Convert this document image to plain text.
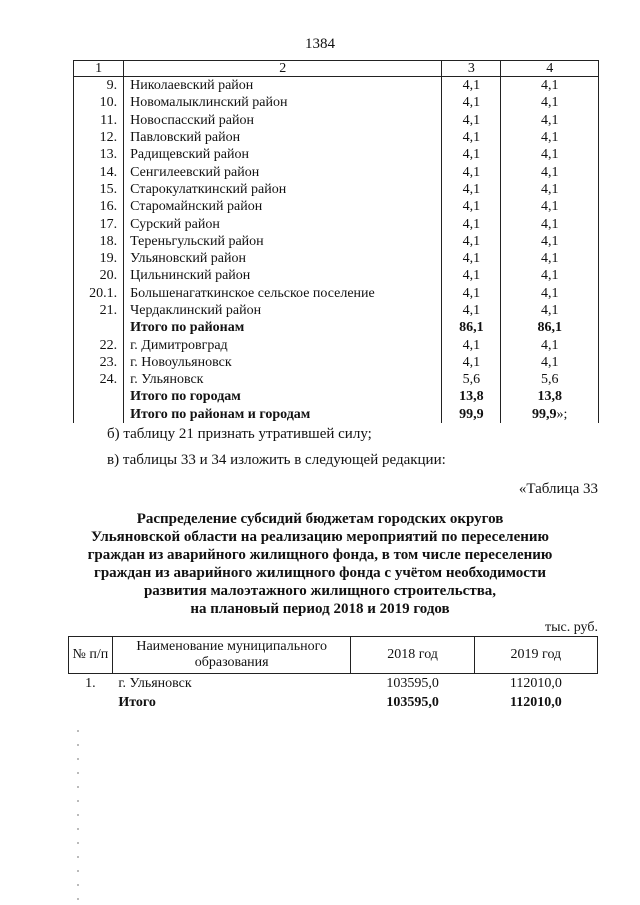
1384
1	2	3	4
9.	Николаевский район	4,1	4,1
10.	Новомалыклинский район	4,1	4,1
11.	Новоспасский район	4,1	4,1
12.	Павловский район	4,1	4,1
13.	Радищевский район	4,1	4,1
14.	Сенгилеевский район	4,1	4,1
15.	Старокулаткинский район	4,1	4,1
16.	Старомайнский район	4,1	4,1
17.	Сурский район	4,1	4,1
18.	Тереньгульский район	4,1	4,1
19.	Ульяновский район	4,1	4,1
20.	Цильнинский район	4,1	4,1
20.1.	Большенагаткинское сельское поселение	4,1	4,1
21.	Чердаклинский район	4,1	4,1
	Итого по районам	86,1	86,1
22.	г. Димитровград	4,1	4,1
23.	г. Новоульяновск	4,1	4,1
24.	г. Ульяновск	5,6	5,6
	Итого по городам	13,8	13,8
	Итого по районам и городам	99,9	99,9»;
б) таблицу 21 признать утратившей силу;
в) таблицы 33 и 34 изложить в следующей редакции:
«Таблица 33
Распределение субсидий бюджетам городских округов
Ульяновской области на реализацию мероприятий по переселению
граждан из аварийного жилищного фонда, в том числе переселению
граждан из аварийного жилищного фонда с учётом необходимости
развития малоэтажного жилищного строительства,
на плановый период 2018 и 2019 годов
тыс. руб.
№ п/п	Наименование муниципального образования	2018 год	2019 год
1.	г. Ульяновск	103595,0	112010,0
	Итого	103595,0	112010,0
